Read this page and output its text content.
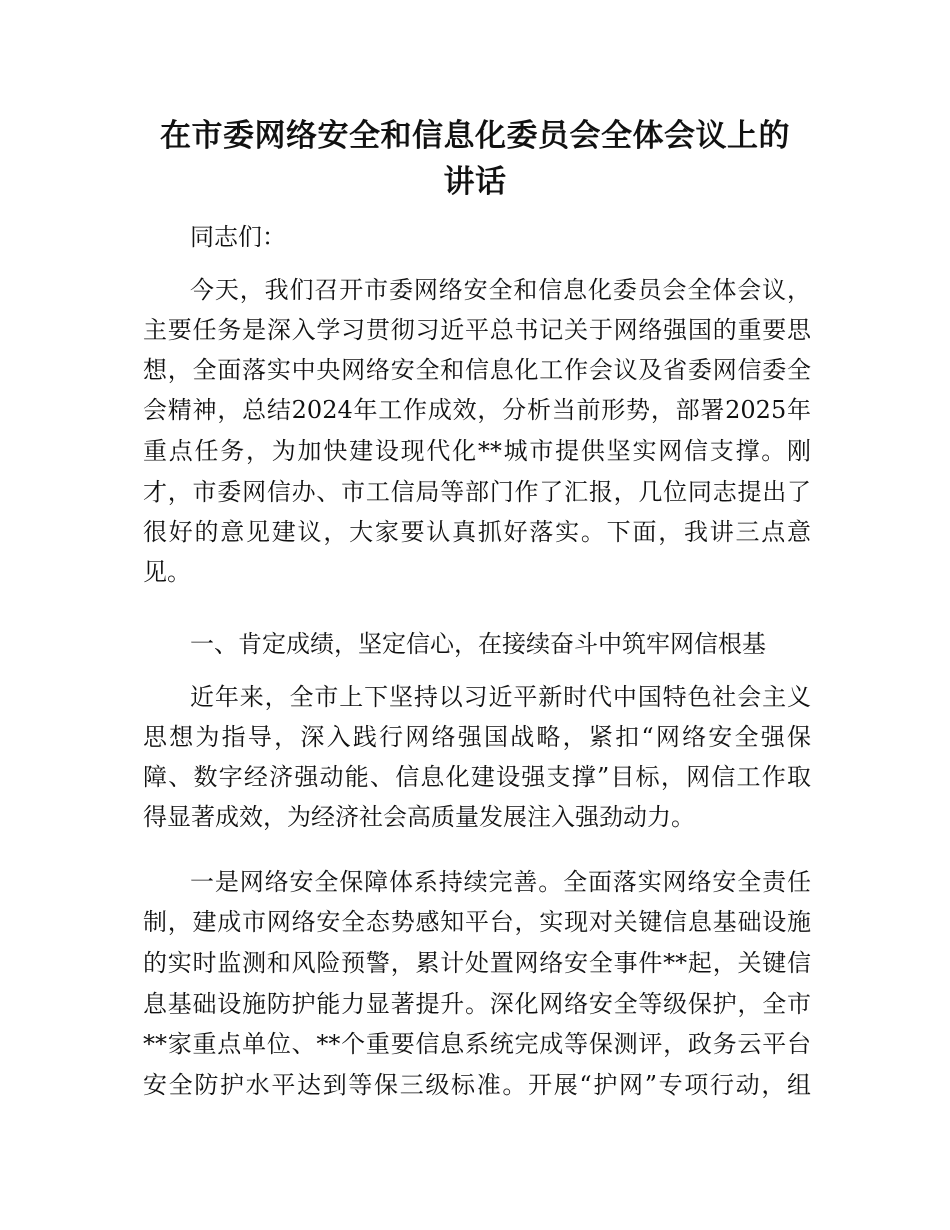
在市委网络安全和信息化委员会全体会议上的
讲话
同志们：
今天，我们召开市委网络安全和信息化委员会全体会议，
主要任务是深入学习贯彻习近平总书记关于网络强国的重要思
想，全面落实中央网络安全和信息化工作会议及省委网信委全
会精神，总结2024年工作成效，分析当前形势，部署2025年
重点任务，为加快建设现代化**城市提供坚实网信支撑。刚
才，市委网信办、市工信局等部门作了汇报，几位同志提出了
很好的意见建议，大家要认真抓好落实。下面，我讲三点意
见。
一、肯定成绩，坚定信心，在接续奋斗中筑牢网信根基
近年来，全市上下坚持以习近平新时代中国特色社会主义
思想为指导，深入践行网络强国战略，紧扣“网络安全强保
障、数字经济强动能、信息化建设强支撑”目标，网信工作取
得显著成效，为经济社会高质量发展注入强劲动力。
一是网络安全保障体系持续完善。全面落实网络安全责任
制，建成市网络安全态势感知平台，实现对关键信息基础设施
的实时监测和风险预警，累计处置网络安全事件**起，关键信
息基础设施防护能力显著提升。深化网络安全等级保护，全市
**家重点单位、**个重要信息系统完成等保测评，政务云平台
安全防护水平达到等保三级标准。开展“护网”专项行动，组
